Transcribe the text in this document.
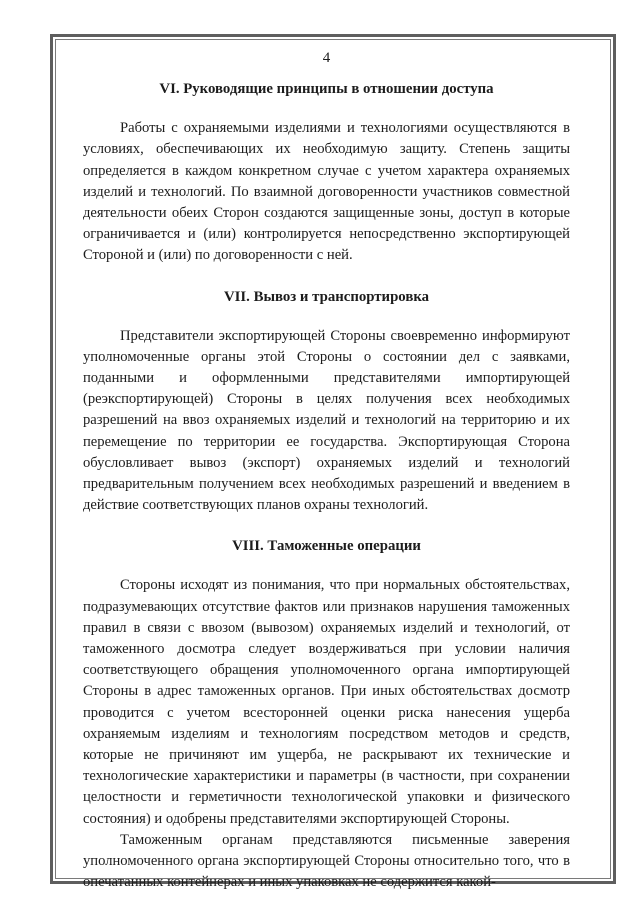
4
VI. Руководящие принципы в отношении доступа

Работы с охраняемыми изделиями и технологиями осуществляются в условиях, обеспечивающих их необходимую защиту. Степень защиты определяется в каждом конкретном случае с учетом характера охраняемых изделий и технологий. По взаимной договоренности участников совместной деятельности обеих Сторон создаются защищенные зоны, доступ в которые ограничивается и (или) контролируется непосредственно экспортирующей Стороной и (или) по договоренности с ней.

VII. Вывоз и транспортировка

Представители экспортирующей Стороны своевременно информируют уполномоченные органы этой Стороны о состоянии дел с заявками, поданными и оформленными представителями импортирующей (реэкспортирующей) Стороны в целях получения всех необходимых разрешений на ввоз охраняемых изделий и технологий на территорию и их перемещение по территории ее государства. Экспортирующая Сторона обусловливает вывоз (экспорт) охраняемых изделий и технологий предварительным получением всех необходимых разрешений и введением в действие соответствующих планов охраны технологий.

VIII. Таможенные операции

Стороны исходят из понимания, что при нормальных обстоятельствах, подразумевающих отсутствие фактов или признаков нарушения таможенных правил в связи с ввозом (вывозом) охраняемых изделий и технологий, от таможенного досмотра следует воздерживаться при условии наличия соответствующего обращения уполномоченного органа импортирующей Стороны в адрес таможенных органов. При иных обстоятельствах досмотр проводится с учетом всесторонней оценки риска нанесения ущерба охраняемым изделиям и технологиям посредством методов и средств, которые не причиняют им ущерба, не раскрывают их технические и технологические характеристики и параметры (в частности, при сохранении целостности и герметичности технологической упаковки и физического состояния) и одобрены представителями экспортирующей Стороны.

Таможенным органам представляются письменные заверения уполномоченного органа экспортирующей Стороны относительно того, что в опечатанных контейнерах и иных упаковках не содержится какой-
